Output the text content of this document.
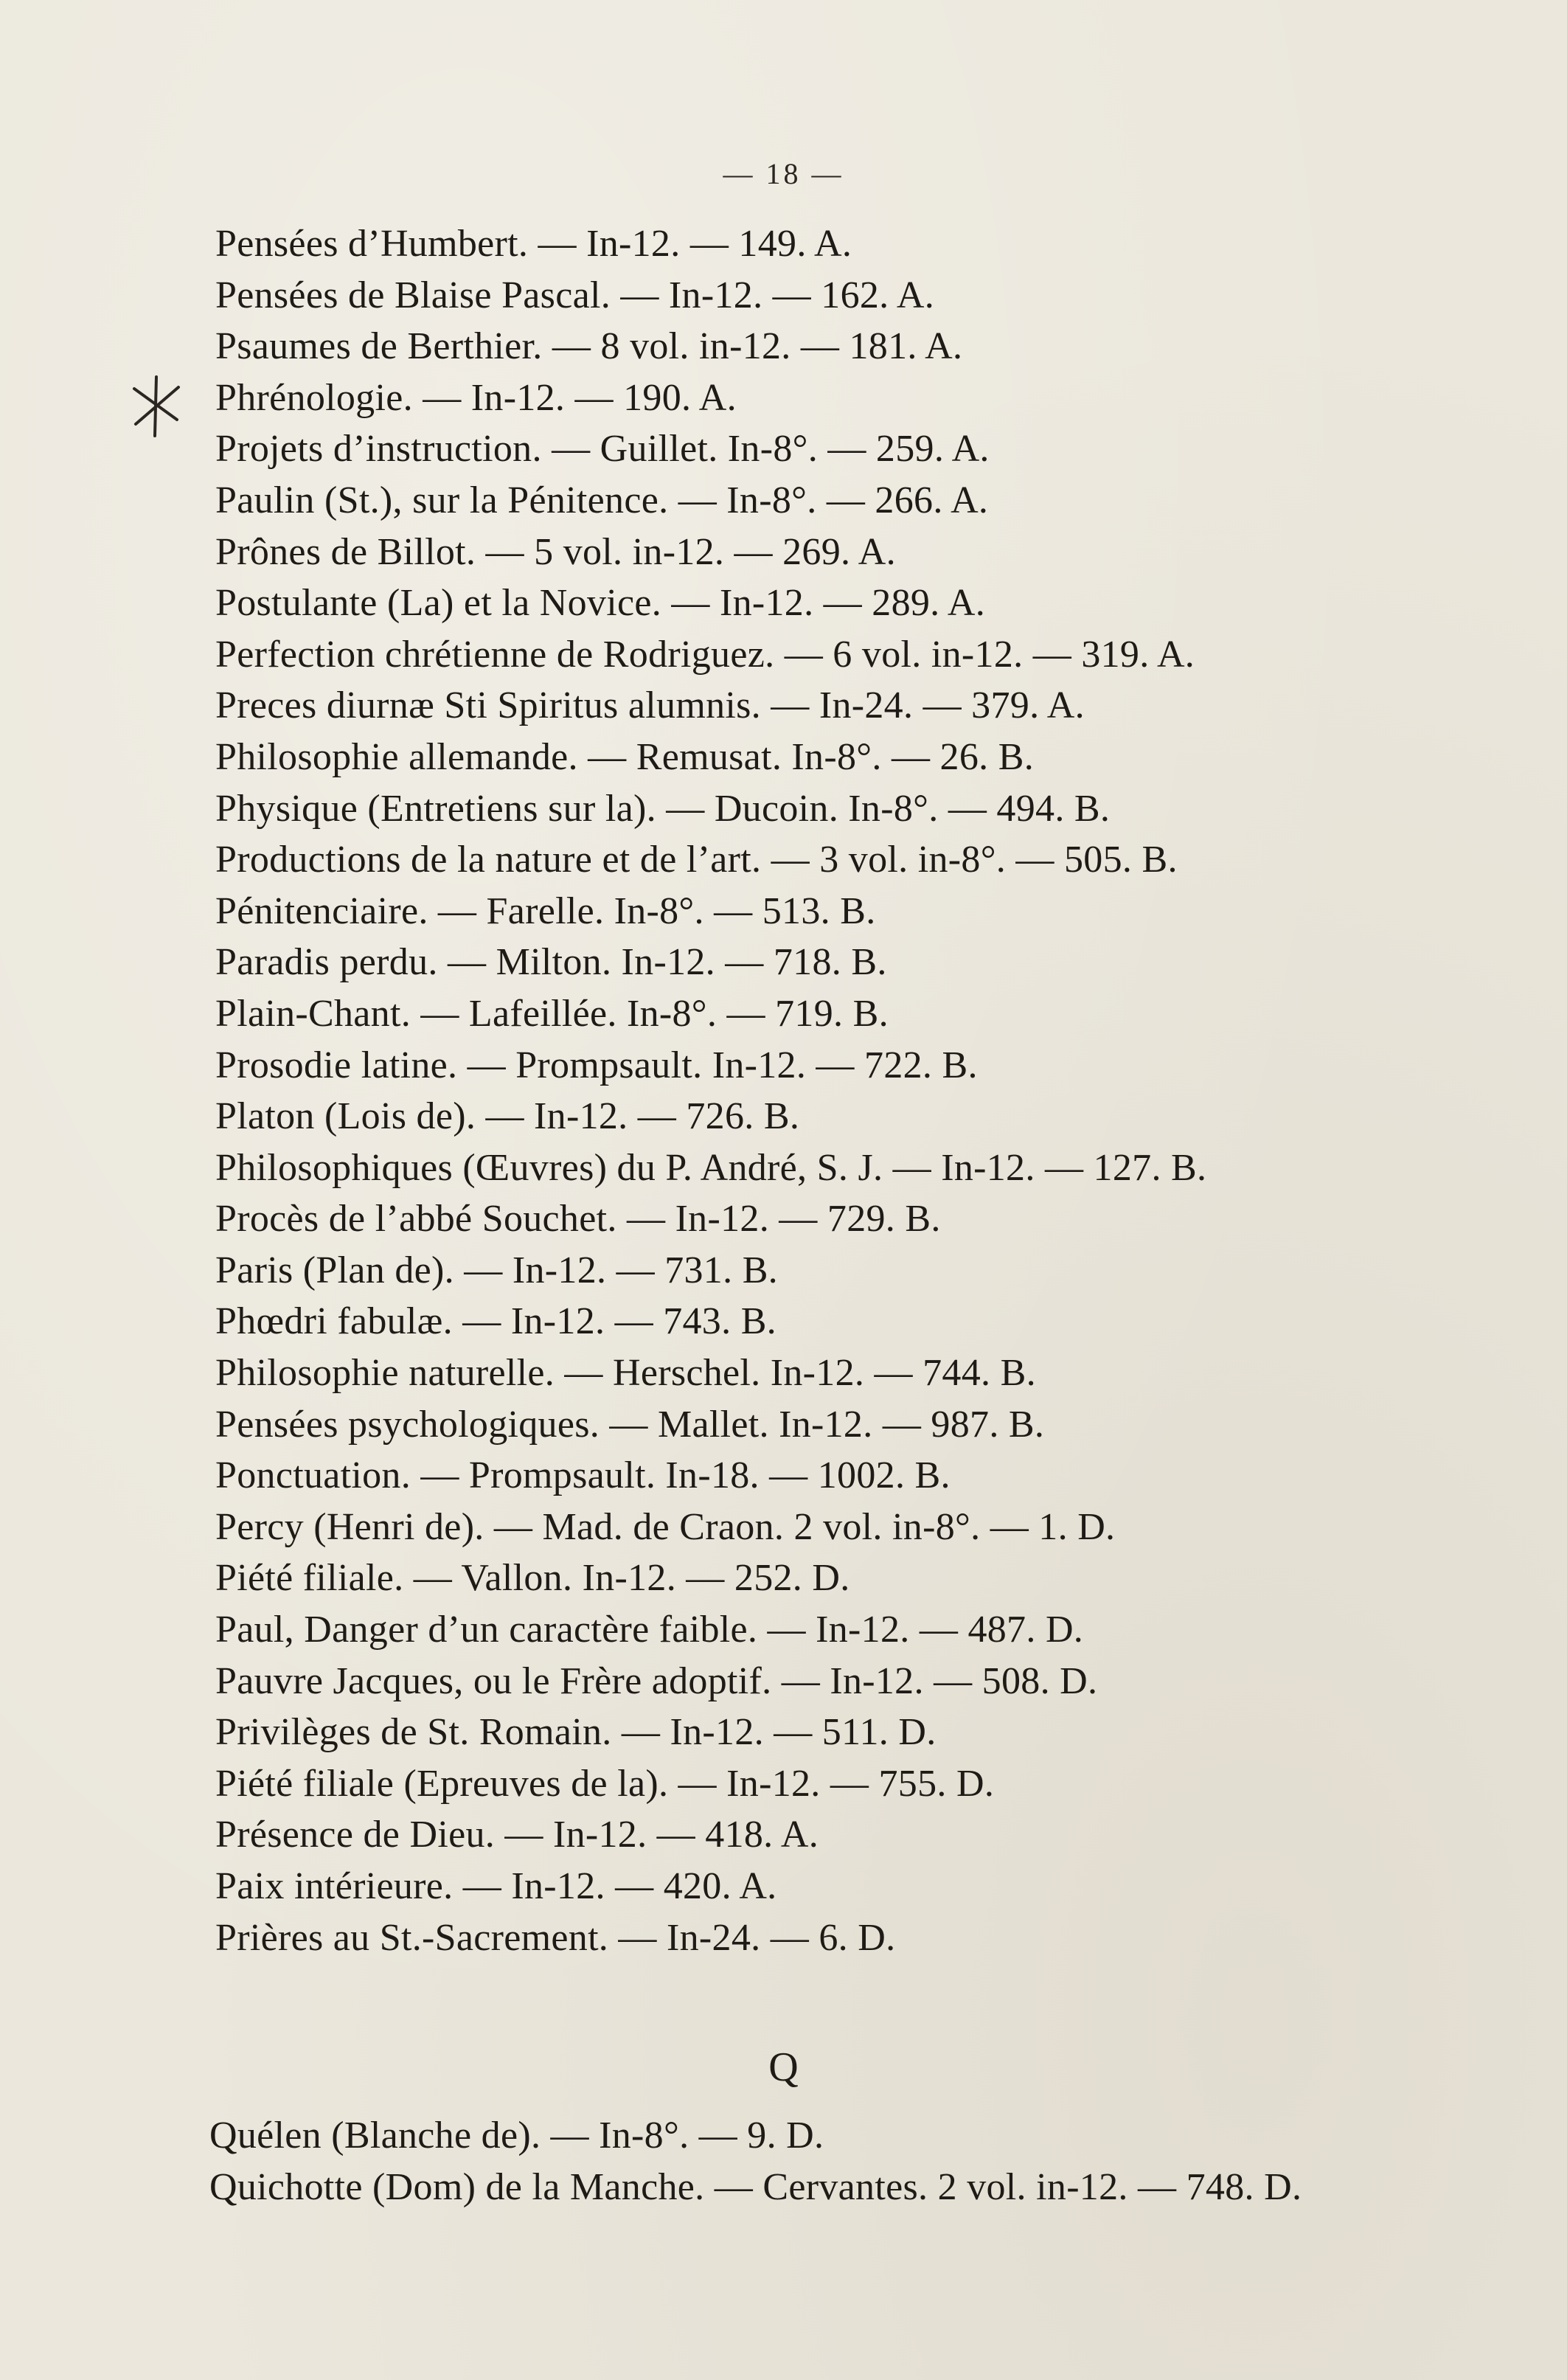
— 18 —
Pensées d’Humbert. — In-12. — 149. A.
Pensées de Blaise Pascal. — In-12. — 162. A.
Psaumes de Berthier. — 8 vol. in-12. — 181. A.
Phrénologie. — In-12. — 190. A.
Projets d’instruction. — Guillet. In-8°. — 259. A.
Paulin (St.), sur la Pénitence. — In-8°. — 266. A.
Prônes de Billot. — 5 vol. in-12. — 269. A.
Postulante (La) et la Novice. — In-12. — 289. A.
Perfection chrétienne de Rodriguez. — 6 vol. in-12. — 319. A.
Preces diurnæ Sti Spiritus alumnis. — In-24. — 379. A.
Philosophie allemande. — Remusat. In-8°. — 26. B.
Physique (Entretiens sur la). — Ducoin. In-8°. — 494. B.
Productions de la nature et de l’art. — 3 vol. in-8°. — 505. B.
Pénitenciaire. — Farelle. In-8°. — 513. B.
Paradis perdu. — Milton. In-12. — 718. B.
Plain-Chant. — Lafeillée. In-8°. — 719. B.
Prosodie latine. — Prompsault. In-12. — 722. B.
Platon (Lois de). — In-12. — 726. B.
Philosophiques (Œuvres) du P. André, S. J. — In-12. — 127. B.
Procès de l’abbé Souchet. — In-12. — 729. B.
Paris (Plan de). — In-12. — 731. B.
Phœdri fabulæ. — In-12. — 743. B.
Philosophie naturelle. — Herschel. In-12. — 744. B.
Pensées psychologiques. — Mallet. In-12. — 987. B.
Ponctuation. — Prompsault. In-18. — 1002. B.
Percy (Henri de). — Mad. de Craon. 2 vol. in-8°. — 1. D.
Piété filiale. — Vallon. In-12. — 252. D.
Paul, Danger d’un caractère faible. — In-12. — 487. D.
Pauvre Jacques, ou le Frère adoptif. — In-12. — 508. D.
Privilèges de St. Romain. — In-12. — 511. D.
Piété filiale (Epreuves de la). — In-12. — 755. D.
Présence de Dieu. — In-12. — 418. A.
Paix intérieure. — In-12. — 420. A.
Prières au St.-Sacrement. — In-24. — 6. D.
Q
Quélen (Blanche de). — In-8°. — 9. D.
Quichotte (Dom) de la Manche. — Cervantes. 2 vol. in-12. — 748. D.
